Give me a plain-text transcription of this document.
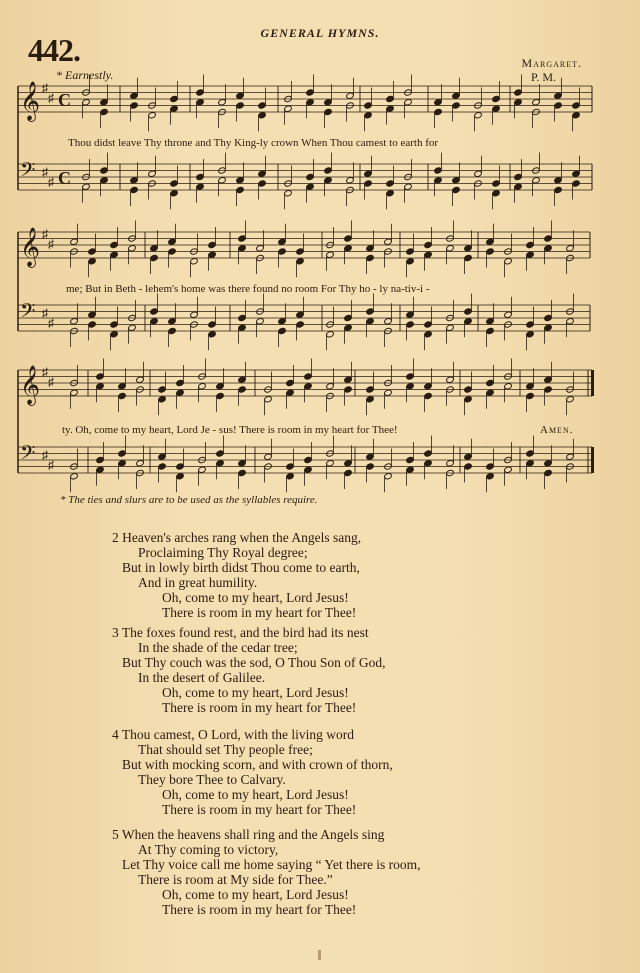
GENERAL HYMNS.
442.	Margaret.
P. M.
* Earnestly.
𝄞 ♯
♯ C
𝄢 ♯
♯ C
𝄞 ♯
♯
𝄢 ♯
♯
𝄞 ♯
♯
𝄢 ♯
♯
Thou didst leave Thy throne and Thy King-ly crown When Thou camest to earth for
me; But in Beth - lehem's home was there found no room For Thy ho - ly na-tiv-i -
ty. Oh, come to my heart, Lord Je - sus! There is room in my heart for Thee!	Amen.
* The ties and slurs are to be used as the syllables require.
2 Heaven's arches rang when the Angels sang,
Proclaiming Thy Royal degree;
But in lowly birth didst Thou come to earth,
And in great humility.
Oh, come to my heart, Lord Jesus!
There is room in my heart for Thee!
3 The foxes found rest, and the bird had its nest
In the shade of the cedar tree;
But Thy couch was the sod, O Thou Son of God,
In the desert of Galilee.
Oh, come to my heart, Lord Jesus!
There is room in my heart for Thee!
4 Thou camest, O Lord, with the living word
That should set Thy people free;
But with mocking scorn, and with crown of thorn,
They bore Thee to Calvary.
Oh, come to my heart, Lord Jesus!
There is room in my heart for Thee!
5 When the heavens shall ring and the Angels sing
At Thy coming to victory,
Let Thy voice call me home saying “ Yet there is room,
There is room at My side for Thee.”
Oh, come to my heart, Lord Jesus!
There is room in my heart for Thee!
